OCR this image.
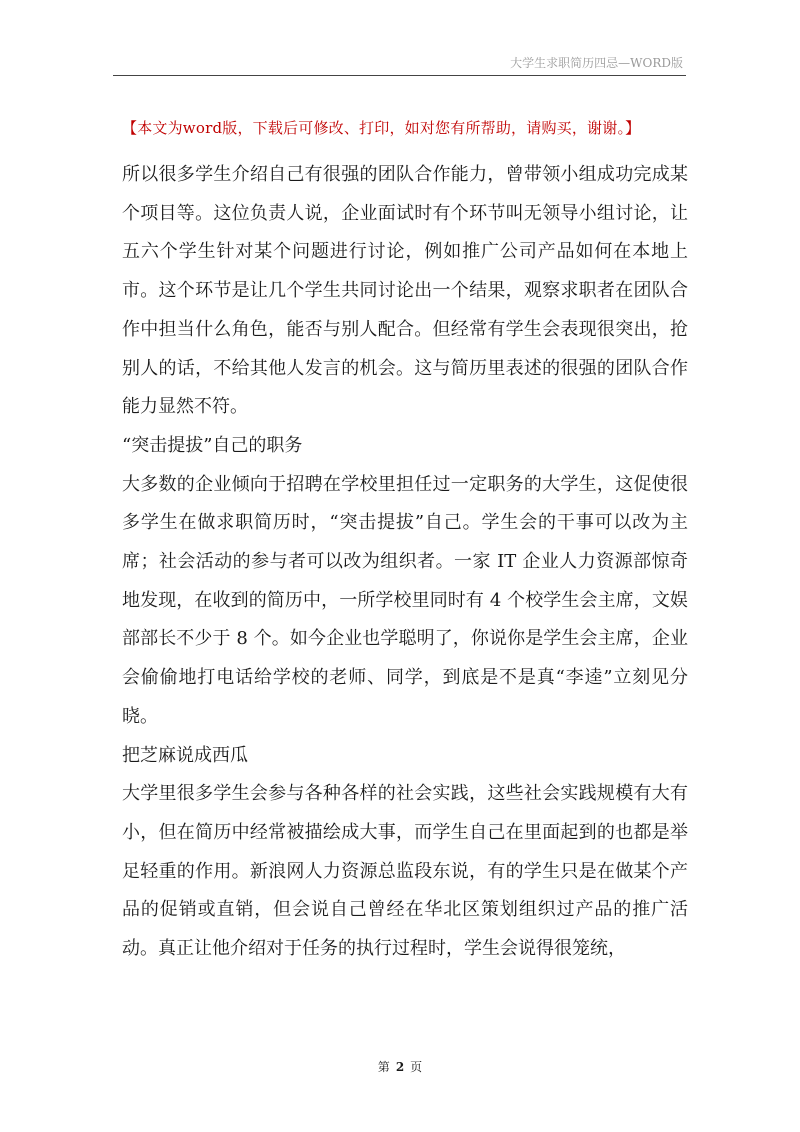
大学生求职简历四忌—WORD版
【本文为word版，下载后可修改、打印，如对您有所帮助，请购买，谢谢。】

所以很多学生介绍自己有很强的团队合作能力，曾带领小组成功完成某个项目等。这位负责人说，企业面试时有个环节叫无领导小组讨论，让五六个学生针对某个问题进行讨论，例如推广公司产品如何在本地上市。这个环节是让几个学生共同讨论出一个结果，观察求职者在团队合作中担当什么角色，能否与别人配合。但经常有学生会表现很突出，抢别人的话，不给其他人发言的机会。这与简历里表述的很强的团队合作能力显然不符。

“突击提拔”自己的职务

大多数的企业倾向于招聘在学校里担任过一定职务的大学生，这促使很多学生在做求职简历时，“突击提拔”自己。学生会的干事可以改为主席；社会活动的参与者可以改为组织者。一家 IT 企业人力资源部惊奇地发现，在收到的简历中，一所学校里同时有 4 个校学生会主席，文娱部部长不少于 8 个。如今企业也学聪明了，你说你是学生会主席，企业会偷偷地打电话给学校的老师、同学，到底是不是真“李逵”立刻见分晓。

把芝麻说成西瓜

大学里很多学生会参与各种各样的社会实践，这些社会实践规模有大有小，但在简历中经常被描绘成大事，而学生自己在里面起到的也都是举足轻重的作用。新浪网人力资源总监段东说，有的学生只是在做某个产品的促销或直销，但会说自己曾经在华北区策划组织过产品的推广活动。真正让他介绍对于任务的执行过程时，学生会说得很笼统，

第 2 页
